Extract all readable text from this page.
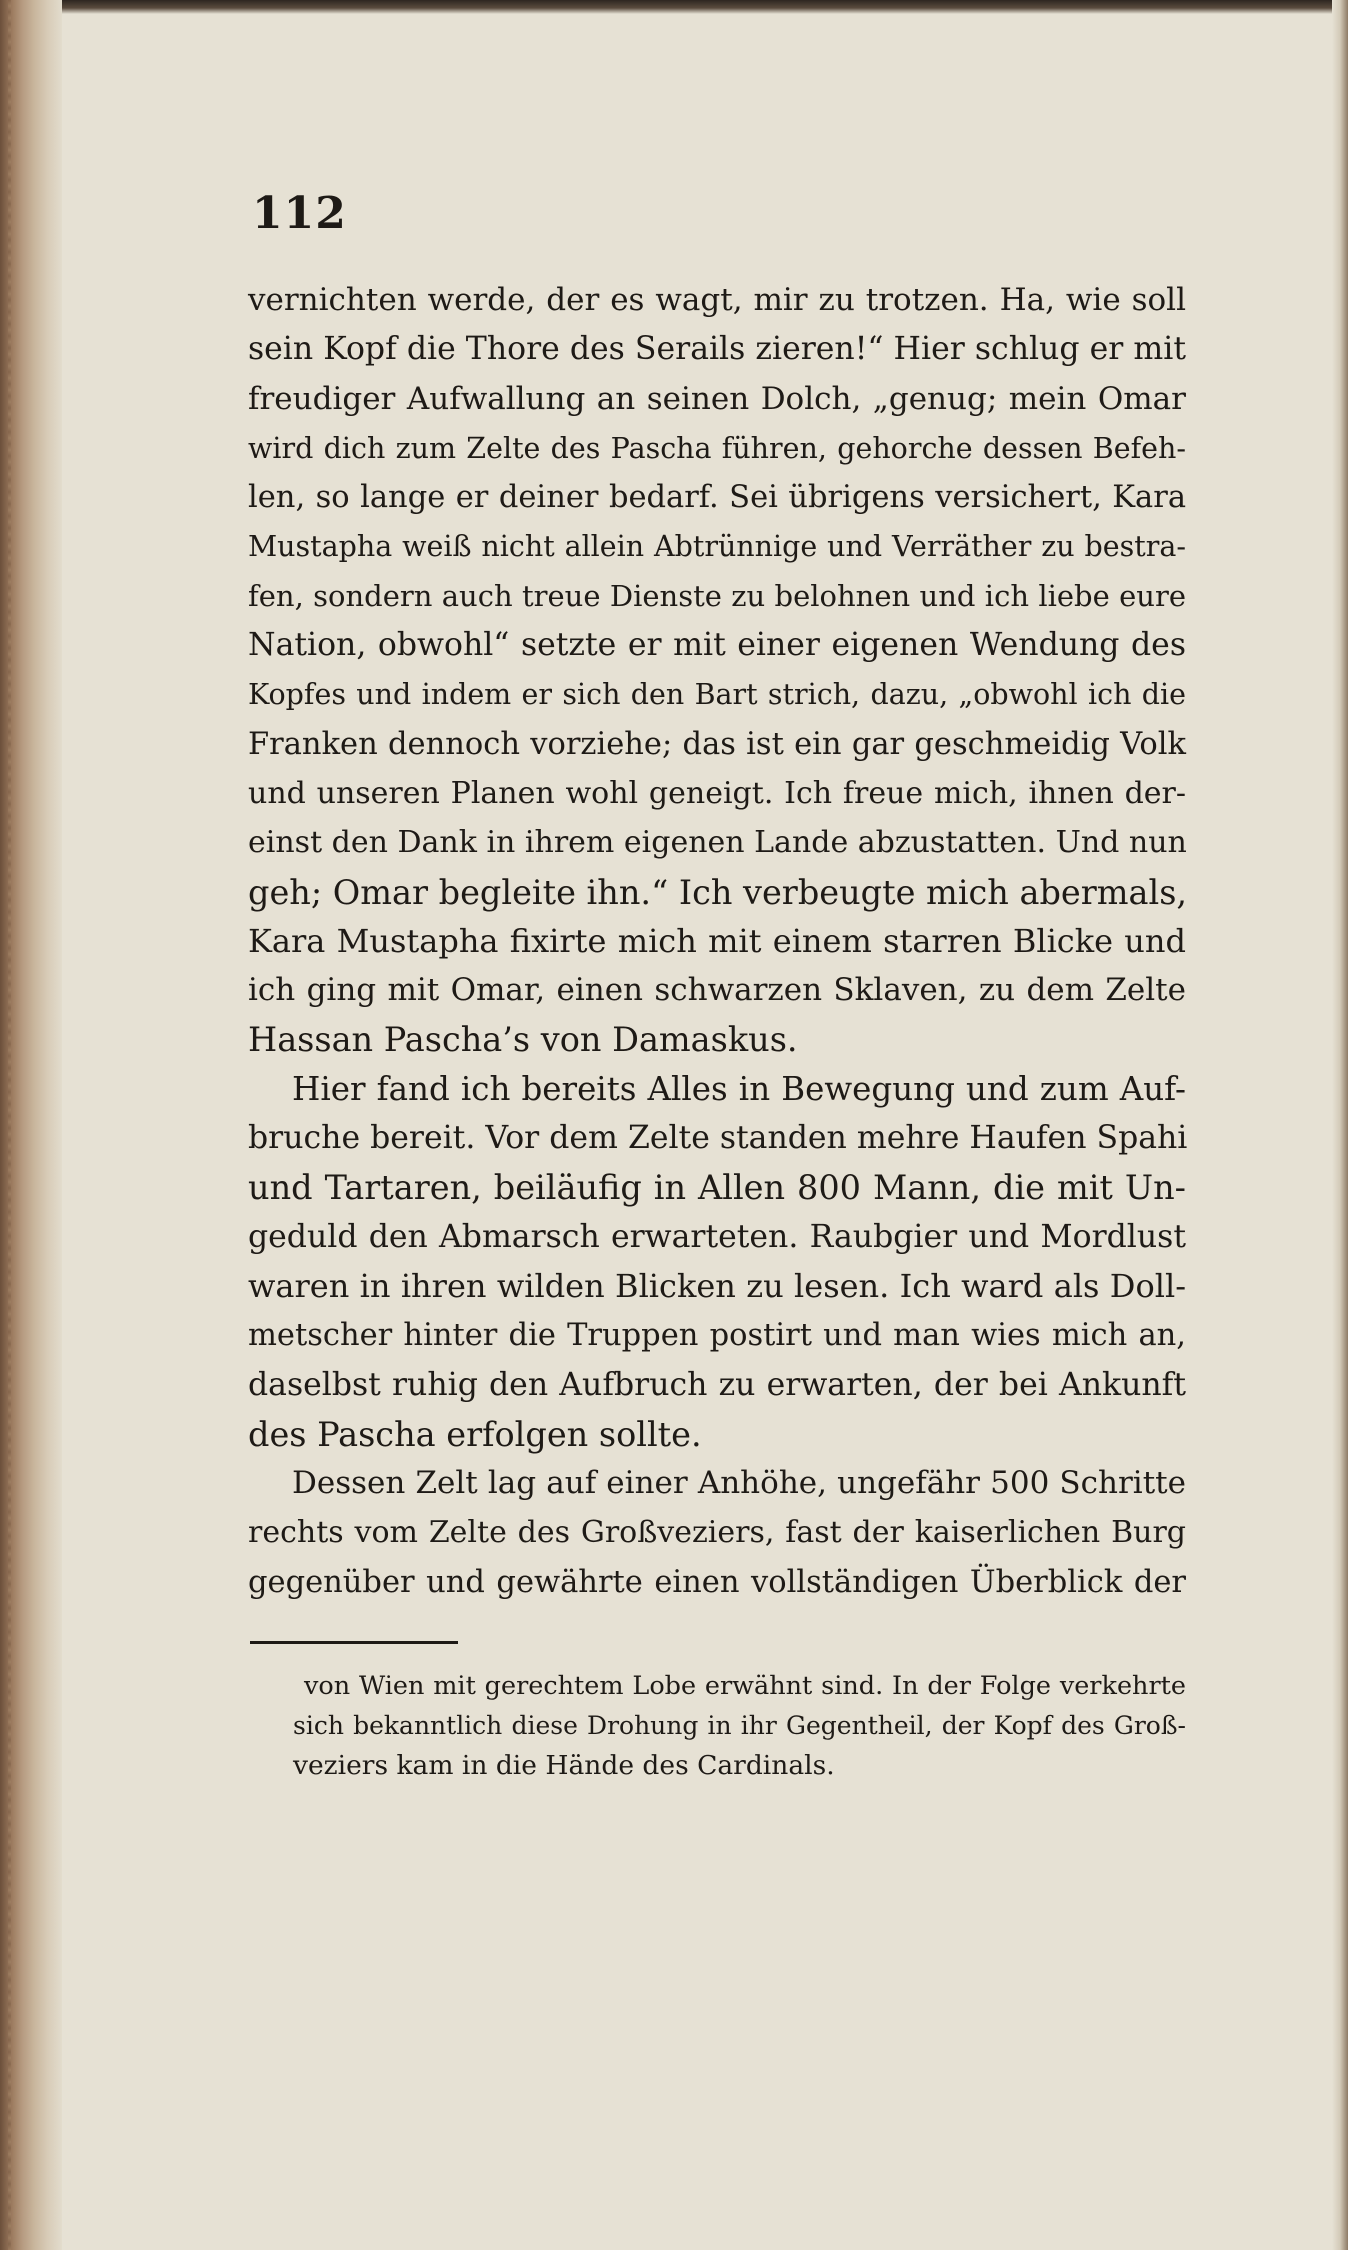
112
vernichten werde, der es wagt, mir zu trotzen. Ha, wie soll
sein Kopf die Thore des Serails zieren!“ Hier schlug er mit
freudiger Aufwallung an seinen Dolch, „genug; mein Omar
wird dich zum Zelte des Pascha führen, gehorche dessen Befeh-
len, so lange er deiner bedarf. Sei übrigens versichert, Kara
Mustapha weiß nicht allein Abtrünnige und Verräther zu bestra-
fen, sondern auch treue Dienste zu belohnen und ich liebe eure
Nation, obwohl“ setzte er mit einer eigenen Wendung des
Kopfes und indem er sich den Bart strich, dazu, „obwohl ich die
Franken dennoch vorziehe; das ist ein gar geschmeidig Volk
und unseren Planen wohl geneigt. Ich freue mich, ihnen der-
einst den Dank in ihrem eigenen Lande abzustatten. Und nun
geh; Omar begleite ihn.“ Ich verbeugte mich abermals,
Kara Mustapha fixirte mich mit einem starren Blicke und
ich ging mit Omar, einen schwarzen Sklaven, zu dem Zelte
Hassan Pascha’s von Damaskus.
Hier fand ich bereits Alles in Bewegung und zum Auf-
bruche bereit. Vor dem Zelte standen mehre Haufen Spahi
und Tartaren, beiläufig in Allen 800 Mann, die mit Un-
geduld den Abmarsch erwarteten. Raubgier und Mordlust
waren in ihren wilden Blicken zu lesen. Ich ward als Doll-
metscher hinter die Truppen postirt und man wies mich an,
daselbst ruhig den Aufbruch zu erwarten, der bei Ankunft
des Pascha erfolgen sollte.
Dessen Zelt lag auf einer Anhöhe, ungefähr 500 Schritte
rechts vom Zelte des Großveziers, fast der kaiserlichen Burg
gegenüber und gewährte einen vollständigen Überblick der
von Wien mit gerechtem Lobe erwähnt sind. In der Folge verkehrte
sich bekanntlich diese Drohung in ihr Gegentheil, der Kopf des Groß-
veziers kam in die Hände des Cardinals.
